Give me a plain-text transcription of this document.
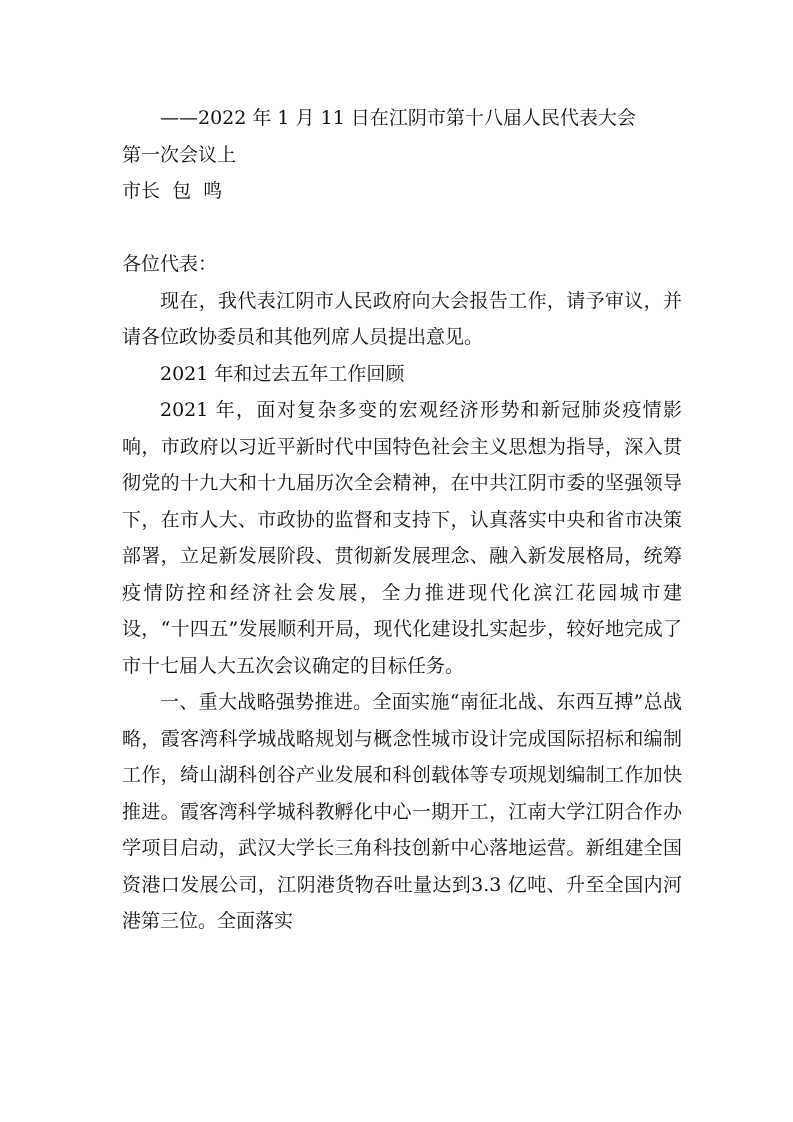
——2022 年 1 月 11 日在江阴市第十八届人民代表大会

第一次会议上

市长  包  鸣

各位代表：

现在，我代表江阴市人民政府向大会报告工作，请予审议，并请各位政协委员和其他列席人员提出意见。

2021 年和过去五年工作回顾

2021 年，面对复杂多变的宏观经济形势和新冠肺炎疫情影响，市政府以习近平新时代中国特色社会主义思想为指导，深入贯彻党的十九大和十九届历次全会精神，在中共江阴市委的坚强领导下，在市人大、市政协的监督和支持下，认真落实中央和省市决策部署，立足新发展阶段、贯彻新发展理念、融入新发展格局，统筹疫情防控和经济社会发展，全力推进现代化滨江花园城市建设，“十四五”发展顺利开局，现代化建设扎实起步，较好地完成了市十七届人大五次会议确定的目标任务。

一、重大战略强势推进。全面实施“南征北战、东西互搏”总战略，霞客湾科学城战略规划与概念性城市设计完成国际招标和编制工作，绮山湖科创谷产业发展和科创载体等专项规划编制工作加快推进。霞客湾科学城科教孵化中心一期开工，江南大学江阴合作办学项目启动，武汉大学长三角科技创新中心落地运营。新组建全国资港口发展公司，江阴港货物吞吐量达到3.3 亿吨、升至全国内河港第三位。全面落实
